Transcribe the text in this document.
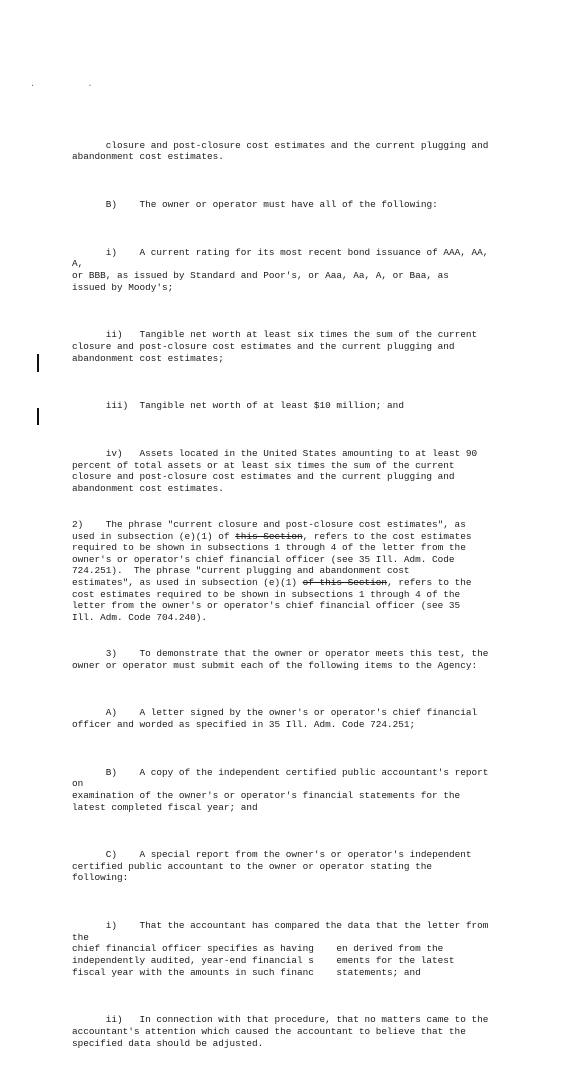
. .

closure and post-closure cost estimates and the current plugging and
abandonment cost estimates.

B)    The owner or operator must have all of the following:

i)    A current rating for its most recent bond issuance of AAA, AA, A,
or BBB, as issued by Standard and Poor's, or Aaa, Aa, A, or Baa, as
issued by Moody's;

ii)   Tangible net worth at least six times the sum of the current
closure and post-closure cost estimates and the current plugging and
abandonment cost estimates;

iii)  Tangible net worth of at least $10 million; and

iv)   Assets located in the United States amounting to at least 90
percent of total assets or at least six times the sum of the current
closure and post-closure cost estimates and the current plugging and
abandonment cost estimates.

2)    The phrase "current closure and post-closure cost estimates", as
used in subsection (e)(1) of this Section, refers to the cost estimates
required to be shown in subsections 1 through 4 of the letter from the
owner's or operator's chief financial officer (see 35 Ill. Adm. Code
724.251).  The phrase "current plugging and abandonment cost
estimates", as used in subsection (e)(1) of this Section, refers to the
cost estimates required to be shown in subsections 1 through 4 of the
letter from the owner's or operator's chief financial officer (see 35
Ill. Adm. Code 704.240).

3)    To demonstrate that the owner or operator meets this test, the
owner or operator must submit each of the following items to the Agency:

A)    A letter signed by the owner's or operator's chief financial
officer and worded as specified in 35 Ill. Adm. Code 724.251;

B)    A copy of the independent certified public accountant's report on
examination of the owner's or operator's financial statements for the
latest completed fiscal year; and

C)    A special report from the owner's or operator's independent
certified public accountant to the owner or operator stating the
following:

i)    That the accountant has compared the data that the letter from the
chief financial officer specifies as having    en derived from the
independently audited, year-end financial s    ements for the latest
fiscal year with the amounts in such financ    statements; and

ii)   In connection with that procedure, that no matters came to the
accountant's attention which caused the accountant to believe that the
specified data should be adjusted.
